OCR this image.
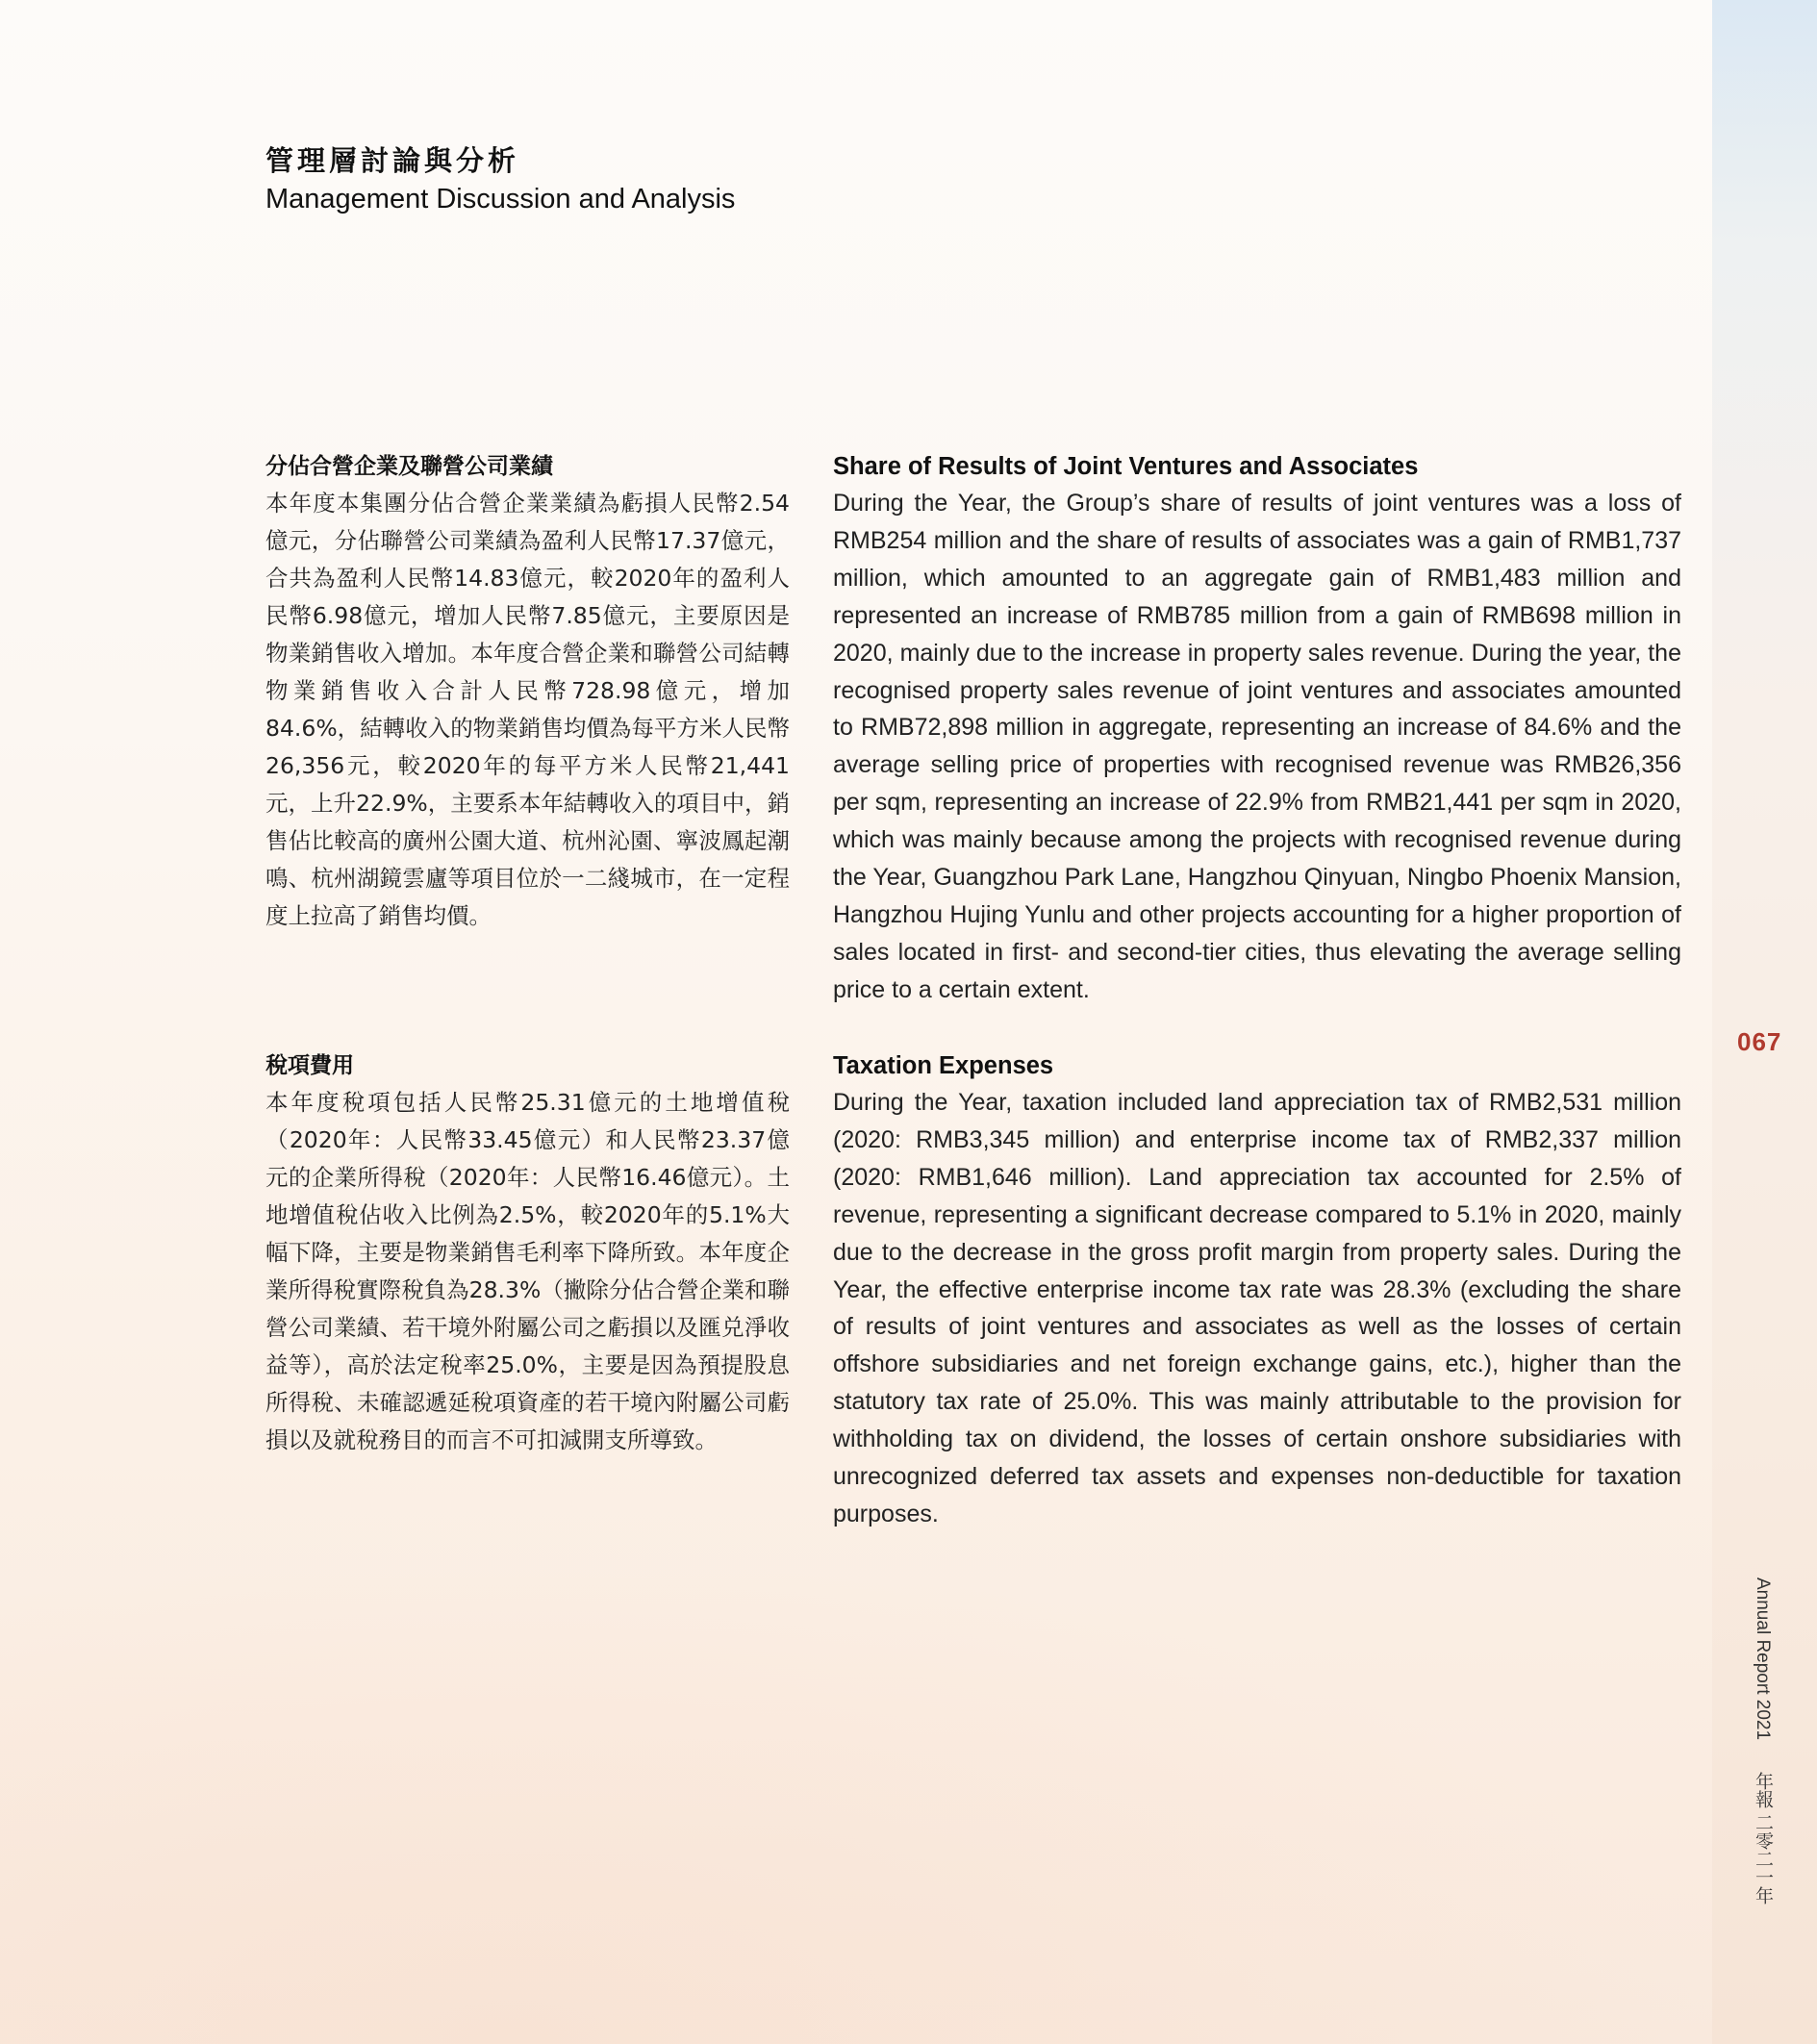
管理層討論與分析
Management Discussion and Analysis
分佔合營企業及聯營公司業績

本年度本集團分佔合營企業業績為虧損人民幣2.54億元，分佔聯營公司業績為盈利人民幣17.37億元，合共為盈利人民幣14.83億元，較2020年的盈利人民幣6.98億元，增加人民幣7.85億元，主要原因是物業銷售收入增加。本年度合營企業和聯營公司結轉物業銷售收入合計人民幣728.98億元，增加84.6%，結轉收入的物業銷售均價為每平方米人民幣26,356元，較2020年的每平方米人民幣21,441元，上升22.9%，主要系本年結轉收入的項目中，銷售佔比較高的廣州公園大道、杭州沁園、寧波鳳起潮鳴、杭州湖鏡雲廬等項目位於一二綫城市，在一定程度上拉高了銷售均價。

Share of Results of Joint Ventures and Associates

During the Year, the Group’s share of results of joint ventures was a loss of RMB254 million and the share of results of associates was a gain of RMB1,737 million, which amounted to an aggregate gain of RMB1,483 million and represented an increase of RMB785 million from a gain of RMB698 million in 2020, mainly due to the increase in property sales revenue. During the year, the recognised property sales revenue of joint ventures and associates amounted to RMB72,898 million in aggregate, representing an increase of 84.6% and the average selling price of properties with recognised revenue was RMB26,356 per sqm, representing an increase of 22.9% from RMB21,441 per sqm in 2020, which was mainly because among the projects with recognised revenue during the Year, Guangzhou Park Lane, Hangzhou Qinyuan, Ningbo Phoenix Mansion, Hangzhou Hujing Yunlu and other projects accounting for a higher proportion of sales located in first- and second-tier cities, thus elevating the average selling price to a certain extent.

稅項費用

本年度稅項包括人民幣25.31億元的土地增值稅（2020年：人民幣33.45億元）和人民幣23.37億元的企業所得稅（2020年：人民幣16.46億元）。土地增值稅佔收入比例為2.5%，較2020年的5.1%大幅下降，主要是物業銷售毛利率下降所致。本年度企業所得稅實際稅負為28.3%（撇除分佔合營企業和聯營公司業績、若干境外附屬公司之虧損以及匯兑淨收益等），高於法定稅率25.0%，主要是因為預提股息所得稅、未確認遞延稅項資產的若干境內附屬公司虧損以及就稅務目的而言不可扣減開支所導致。

Taxation Expenses

During the Year, taxation included land appreciation tax of RMB2,531 million (2020: RMB3,345 million) and enterprise income tax of RMB2,337 million (2020: RMB1,646 million). Land appreciation tax accounted for 2.5% of revenue, representing a significant decrease compared to 5.1% in 2020, mainly due to the decrease in the gross profit margin from property sales. During the Year, the effective enterprise income tax rate was 28.3% (excluding the share of results of joint ventures and associates as well as the losses of certain offshore subsidiaries and net foreign exchange gains, etc.), higher than the statutory tax rate of 25.0%. This was mainly attributable to the provision for withholding tax on dividend, the losses of certain onshore subsidiaries with unrecognized deferred tax assets and expenses non-deductible for taxation purposes.

067
Annual Report 2021  年報 二零二一年
